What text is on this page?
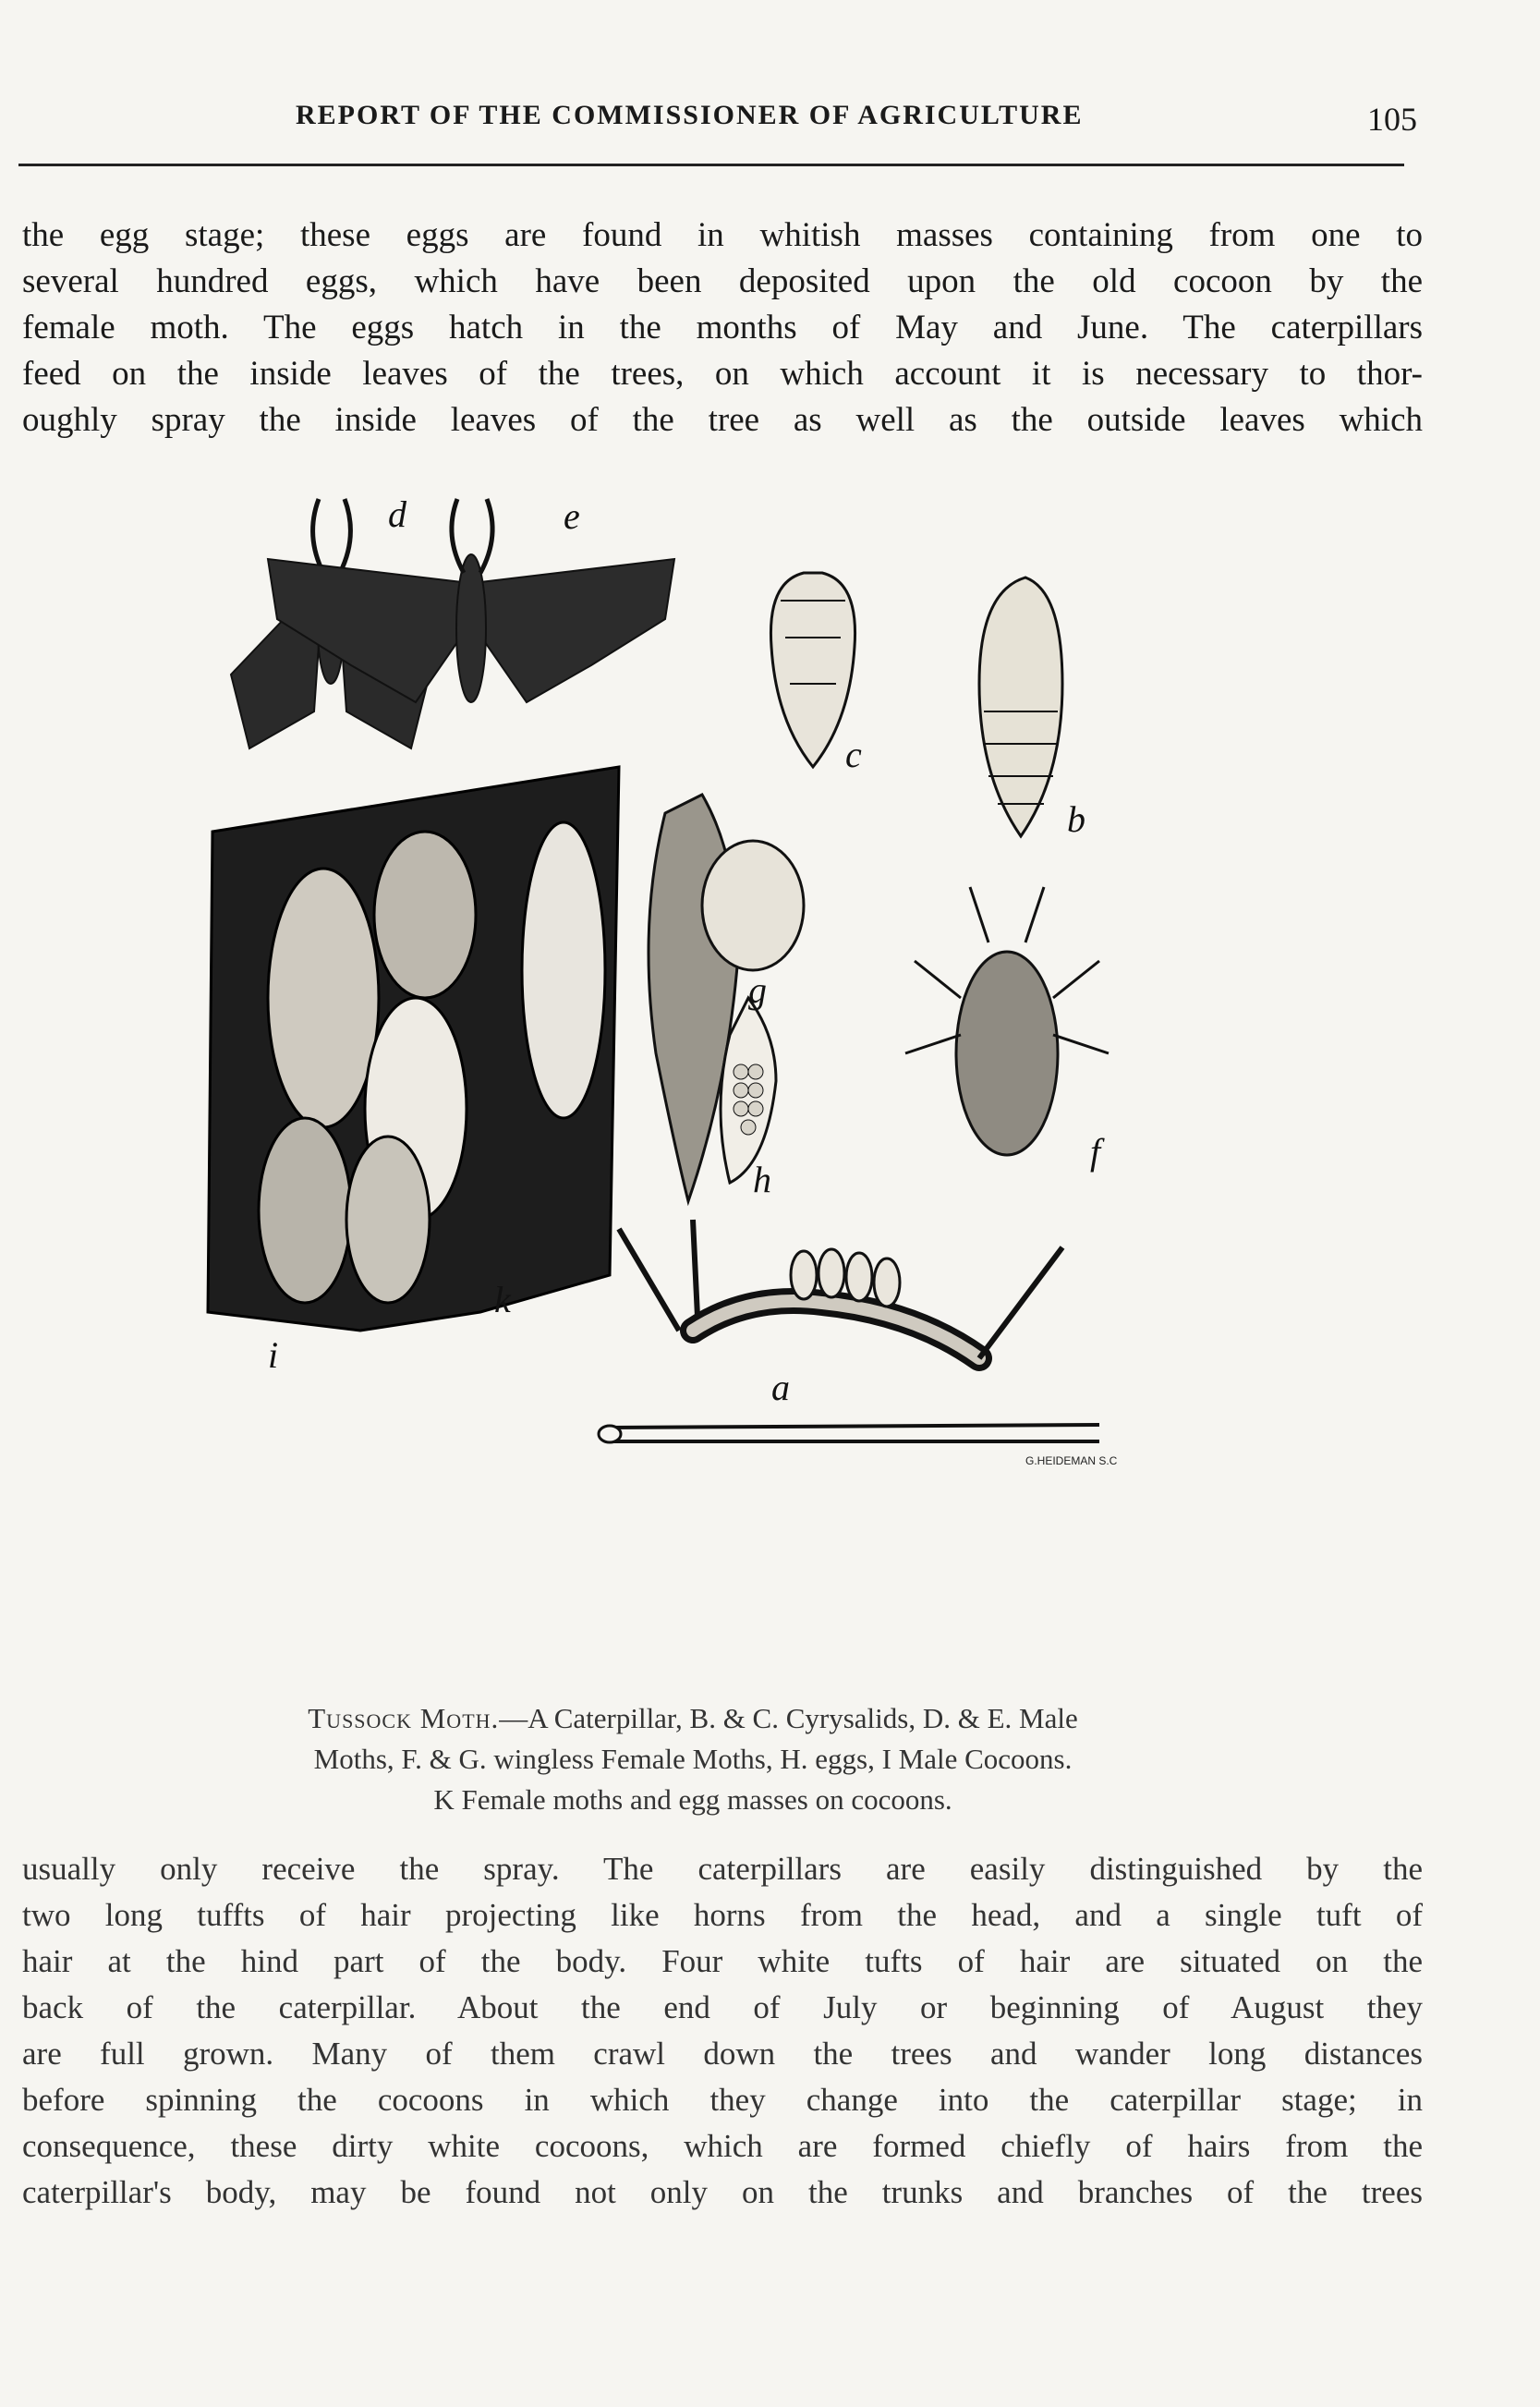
REPORT OF THE COMMISSIONER OF AGRICULTURE	105
the egg stage; these eggs are found in whitish masses containing from one to
several hundred eggs, which have been deposited upon the old cocoon by the
female moth. The eggs hatch in the months of May and June. The caterpillars
feed on the inside leaves of the trees, on which account it is necessary to thor-
oughly spray the inside leaves of the tree as well as the outside leaves which
d	e
c
b
k
i
g
h
f
a
G.HEIDEMAN S.C
Tussock Moth.—A Caterpillar, B. & C. Cyrysalids, D. & E. Male
Moths, F. & G. wingless Female Moths, H. eggs, I Male Cocoons.
K Female moths and egg masses on cocoons.
usually only receive the spray. The caterpillars are easily distinguished by the
two long tuffts of hair projecting like horns from the head, and a single tuft of
hair at the hind part of the body. Four white tufts of hair are situated on the
back of the caterpillar. About the end of July or beginning of August they
are full grown. Many of them crawl down the trees and wander long distances
before spinning the cocoons in which they change into the caterpillar stage; in
consequence, these dirty white cocoons, which are formed chiefly of hairs from the
caterpillar's body, may be found not only on the trunks and branches of the trees
